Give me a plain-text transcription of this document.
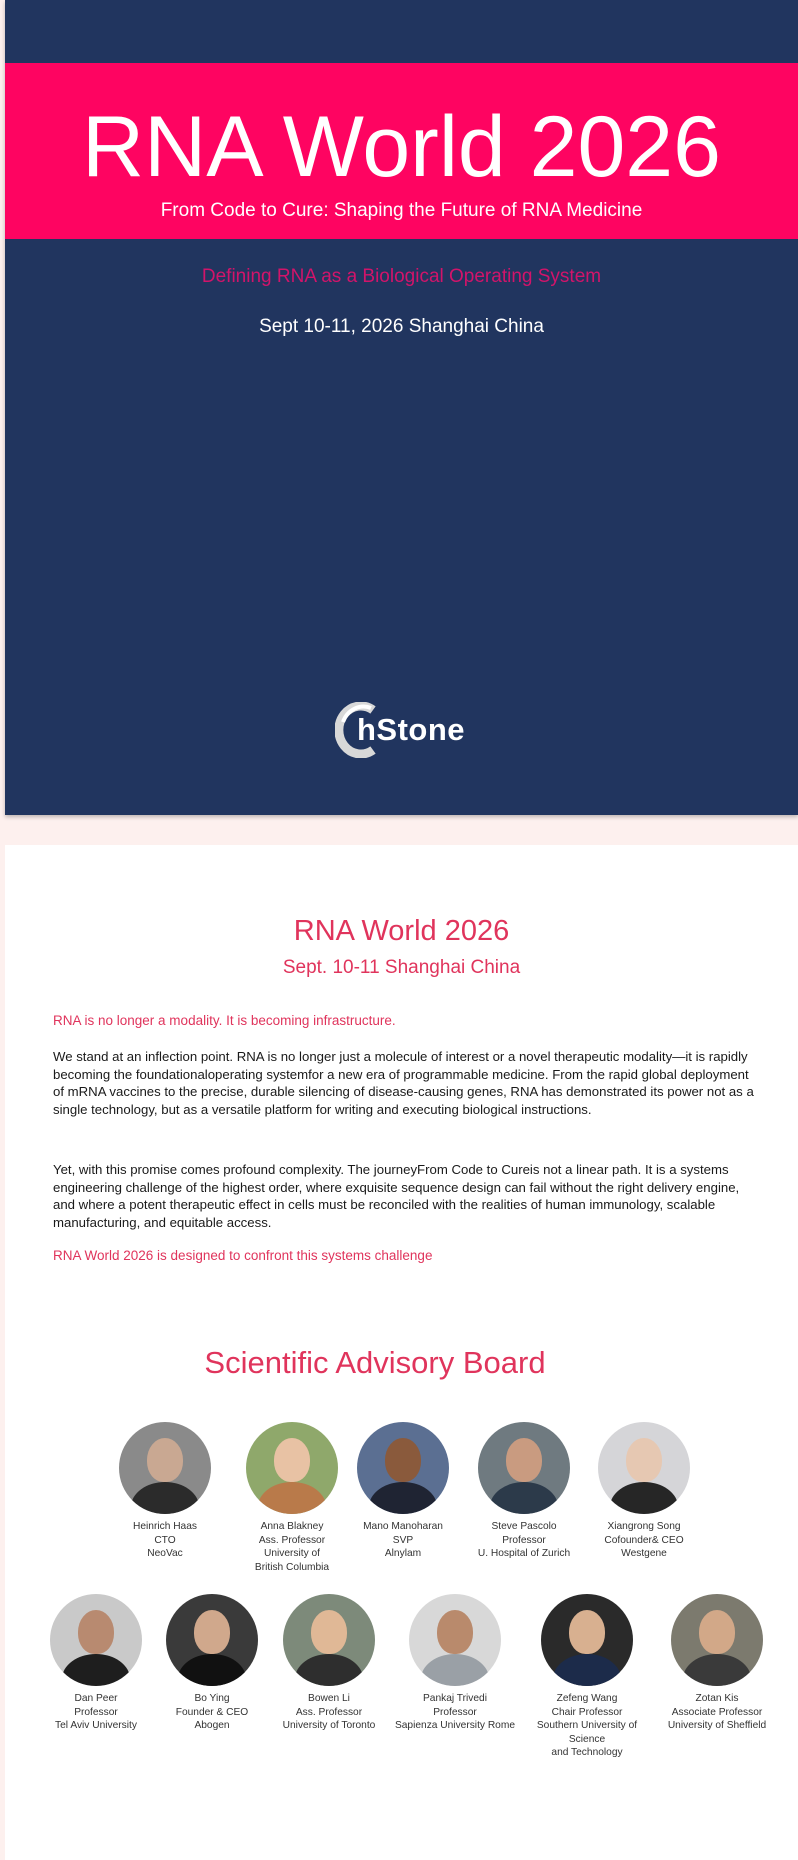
RNA World 2026
From Code to Cure: Shaping the Future of RNA Medicine
Defining RNA as a Biological Operating System
Sept 10-11, 2026 Shanghai China
hStone
RNA World 2026
Sept. 10-11 Shanghai China
RNA is no longer a modality. It is becoming infrastructure.
We stand at an inflection point. RNA is no longer just a molecule of interest or a novel therapeutic modality—it is rapidly becoming the foundationaloperating systemfor a new era of programmable medicine. From the rapid global deployment of mRNA vaccines to the precise, durable silencing of disease-causing genes, RNA has demonstrated its power not as a single technology, but as a versatile platform for writing and executing biological instructions.
Yet, with this promise comes profound complexity. The journeyFrom Code to Cureis not a linear path. It is a systems engineering challenge of the highest order, where exquisite sequence design can fail without the right delivery engine, and where a potent therapeutic effect in cells must be reconciled with the realities of human immunology, scalable manufacturing, and equitable access.
RNA World 2026 is designed to confront this systems challenge
Scientific Advisory Board
Heinrich Haas
CTO
NeoVac
Anna Blakney
Ass. Professor
University of
British Columbia
Mano Manoharan
SVP
Alnylam
Steve Pascolo
Professor
U. Hospital of Zurich
Xiangrong Song
Cofounder& CEO
Westgene
Dan Peer
Professor
Tel Aviv University
Bo Ying
Founder & CEO
Abogen
Bowen Li
Ass. Professor
University of Toronto
Pankaj Trivedi
Professor
Sapienza University Rome
Zefeng Wang
Chair Professor
Southern University of Science
and Technology
Zotan Kis
Associate Professor
University of Sheffield
